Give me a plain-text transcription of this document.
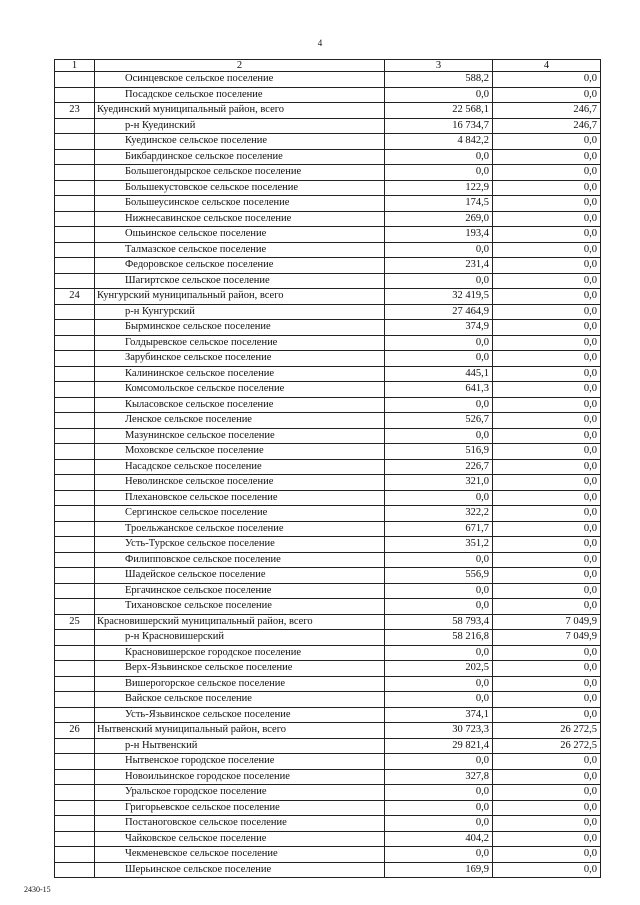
4
1	2	3	4
	Осинцевское сельское поселение	588,2	0,0
	Посадское сельское поселение	0,0	0,0
23	Куединский муниципальный район, всего	22 568,1	246,7
	р-н Куединский	16 734,7	246,7
	Куединское сельское поселение	4 842,2	0,0
	Бикбардинское сельское поселение	0,0	0,0
	Большегондырское сельское поселение	0,0	0,0
	Большекустовское сельское поселение	122,9	0,0
	Большеусинское сельское поселение	174,5	0,0
	Нижнесавинское сельское поселение	269,0	0,0
	Ошьинское сельское поселение	193,4	0,0
	Талмазское сельское поселение	0,0	0,0
	Федоровское сельское поселение	231,4	0,0
	Шагиртское сельское поселение	0,0	0,0
24	Кунгурский муниципальный район, всего	32 419,5	0,0
	р-н Кунгурский	27 464,9	0,0
	Бырминское сельское поселение	374,9	0,0
	Голдыревское сельское поселение	0,0	0,0
	Зарубинское сельское поселение	0,0	0,0
	Калининское сельское поселение	445,1	0,0
	Комсомольское сельское поселение	641,3	0,0
	Кыласовское сельское поселение	0,0	0,0
	Ленское сельское поселение	526,7	0,0
	Мазунинское сельское поселение	0,0	0,0
	Моховское сельское поселение	516,9	0,0
	Насадское сельское поселение	226,7	0,0
	Неволинское сельское поселение	321,0	0,0
	Плехановское сельское поселение	0,0	0,0
	Сергинское сельское поселение	322,2	0,0
	Троельжанское сельское поселение	671,7	0,0
	Усть-Турское сельское поселение	351,2	0,0
	Филипповское сельское поселение	0,0	0,0
	Шадейское сельское поселение	556,9	0,0
	Ергачинское сельское поселение	0,0	0,0
	Тихановское сельское поселение	0,0	0,0
25	Красновишерский муниципальный район, всего	58 793,4	7 049,9
	р-н Красновишерский	58 216,8	7 049,9
	Красновишерское городское поселение	0,0	0,0
	Верх-Язьвинское сельское поселение	202,5	0,0
	Вишерогорское сельское поселение	0,0	0,0
	Вайское сельское поселение	0,0	0,0
	Усть-Язьвинское сельское поселение	374,1	0,0
26	Нытвенский муниципальный район, всего	30 723,3	26 272,5
	р-н Нытвенский	29 821,4	26 272,5
	Нытвенское городское поселение	0,0	0,0
	Новоильинское городское поселение	327,8	0,0
	Уральское городское поселение	0,0	0,0
	Григорьевское сельское поселение	0,0	0,0
	Постаноговское сельское поселение	0,0	0,0
	Чайковское сельское поселение	404,2	0,0
	Чекменевское сельское поселение	0,0	0,0
	Шерьинское сельское поселение	169,9	0,0
2430-15
